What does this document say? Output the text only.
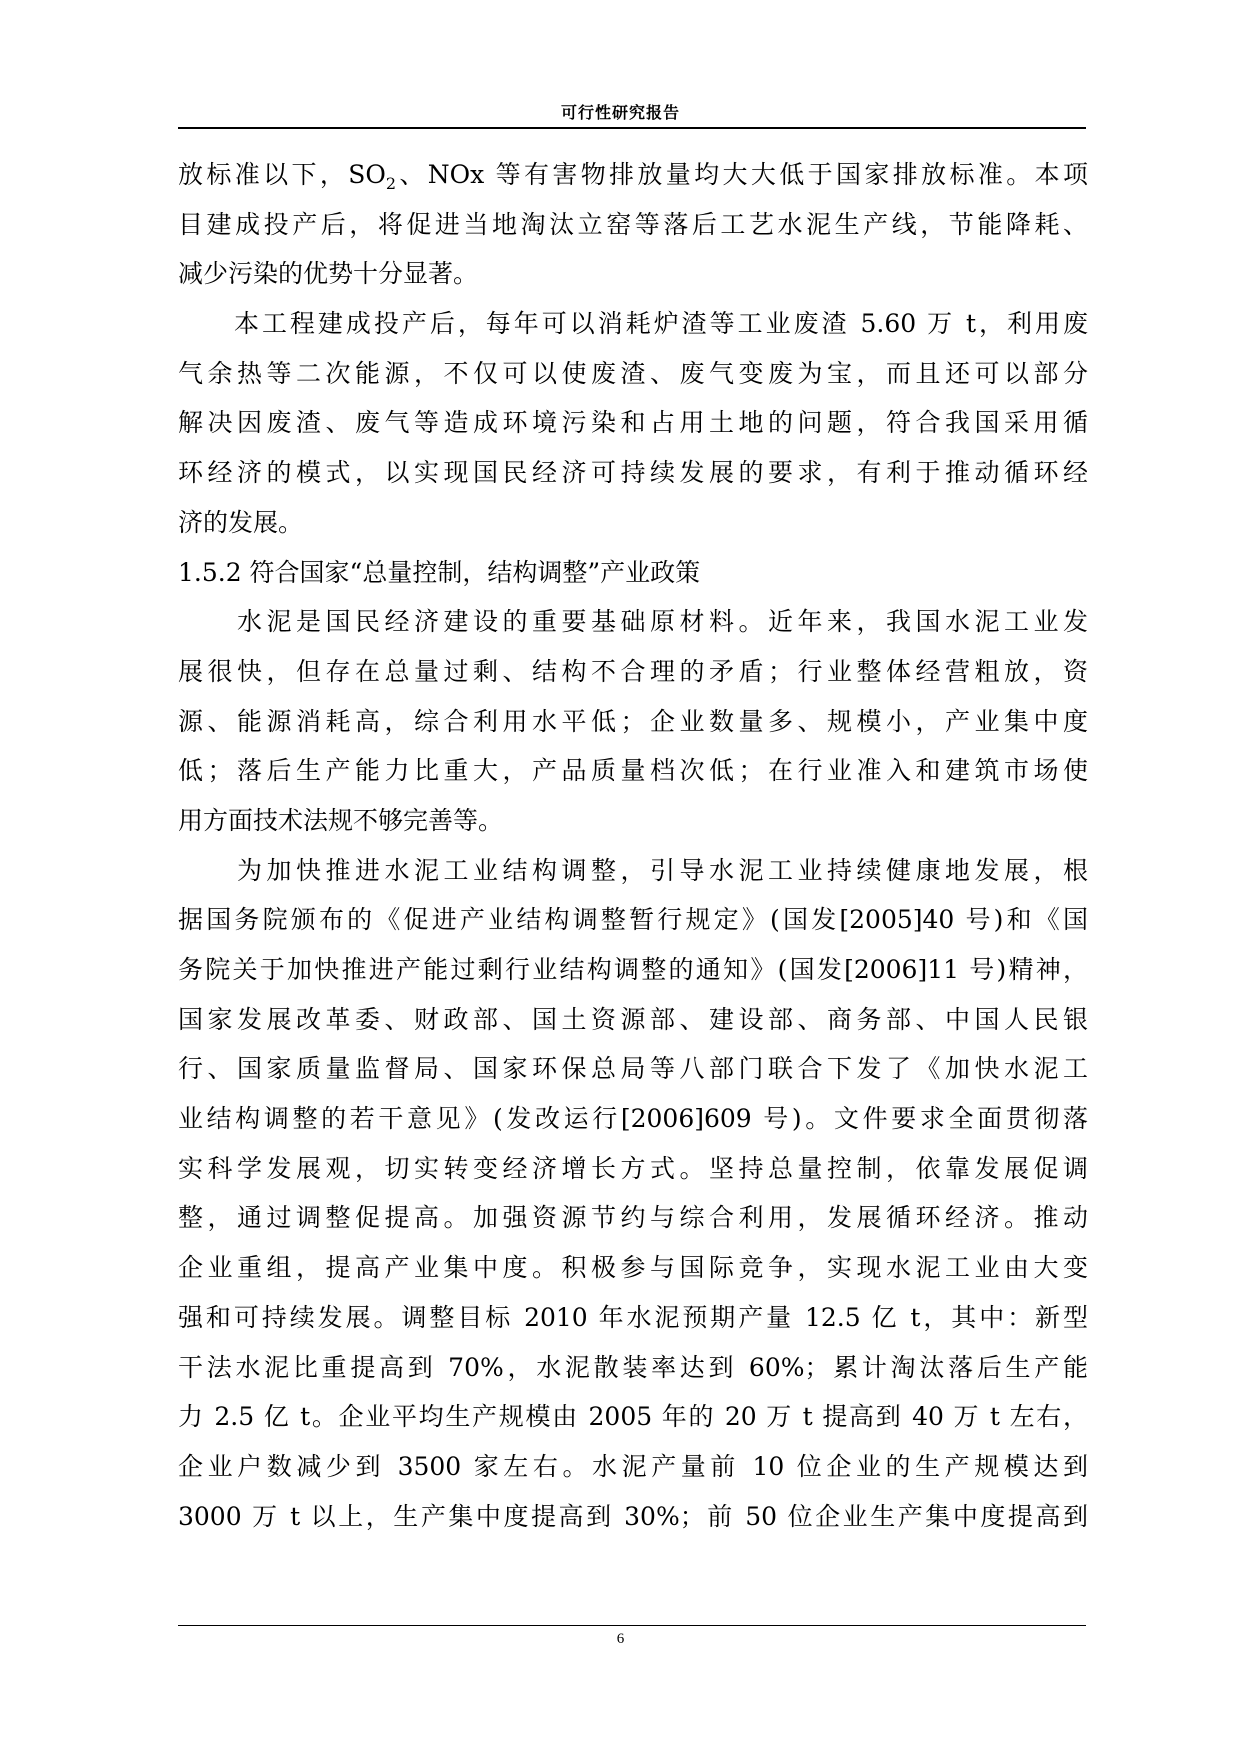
可行性研究报告
放标准以下，$SO_2$、NOx 等有害物排放量均大大低于国家排放标准。本项
目建成投产后，将促进当地淘汰立窑等落后工艺水泥生产线，节能降耗、
减少污染的优势十分显著。
　　本工程建成投产后，每年可以消耗炉渣等工业废渣 5.60 万 t，利用废
气余热等二次能源，不仅可以使废渣、废气变废为宝，而且还可以部分
解决因废渣、废气等造成环境污染和占用土地的问题，符合我国采用循
环经济的模式，以实现国民经济可持续发展的要求，有利于推动循环经
济的发展。
1.5.2 符合国家“总量控制，结构调整”产业政策
　　水泥是国民经济建设的重要基础原材料。近年来，我国水泥工业发
展很快，但存在总量过剩、结构不合理的矛盾；行业整体经营粗放，资
源、能源消耗高，综合利用水平低；企业数量多、规模小，产业集中度
低；落后生产能力比重大，产品质量档次低；在行业准入和建筑市场使
用方面技术法规不够完善等。
　　为加快推进水泥工业结构调整，引导水泥工业持续健康地发展，根
据国务院颁布的《促进产业结构调整暂行规定》(国发[2005]40 号)和《国
务院关于加快推进产能过剩行业结构调整的通知》(国发[2006]11 号)精神，
国家发展改革委、财政部、国土资源部、建设部、商务部、中国人民银
行、国家质量监督局、国家环保总局等八部门联合下发了《加快水泥工
业结构调整的若干意见》(发改运行[2006]609 号)。文件要求全面贯彻落
实科学发展观，切实转变经济增长方式。坚持总量控制，依靠发展促调
整，通过调整促提高。加强资源节约与综合利用，发展循环经济。推动
企业重组，提高产业集中度。积极参与国际竞争，实现水泥工业由大变
强和可持续发展。调整目标 2010 年水泥预期产量 12.5 亿 t，其中：新型
干法水泥比重提高到 70%，水泥散装率达到 60%；累计淘汰落后生产能
力 2.5 亿 t。企业平均生产规模由 2005 年的 20 万 t 提高到 40 万 t 左右，
企业户数减少到 3500 家左右。水泥产量前 10 位企业的生产规模达到
3000 万 t 以上，生产集中度提高到 30%；前 50 位企业生产集中度提高到
6
